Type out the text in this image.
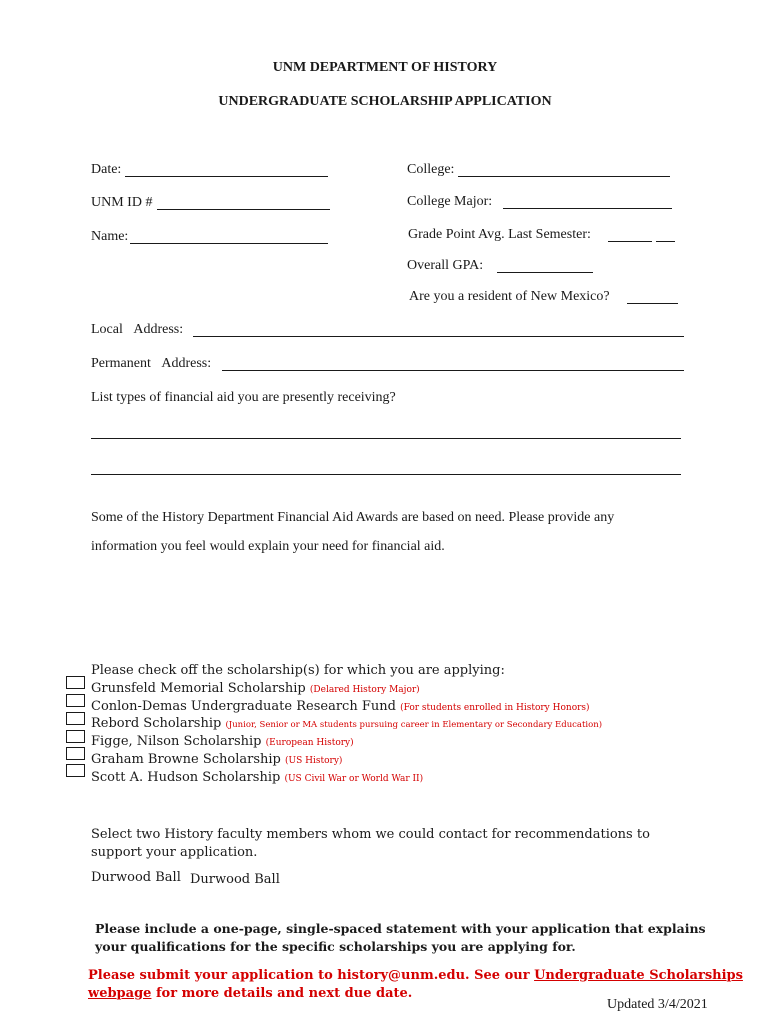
UNM DEPARTMENT OF HISTORY
UNDERGRADUATE SCHOLARSHIP APPLICATION
Date:
UNM ID #
Name:
College:
College Major:
Grade Point Avg. Last Semester:
Overall GPA:
Are you a resident of New Mexico?
Local Address:
Permanent Address:
List types of financial aid you are presently receiving?
Some of the History Department Financial Aid Awards are based on need. Please provide any
information you feel would explain your need for financial aid.
Please check off the scholarship(s) for which you are applying:
Grunsfeld Memorial Scholarship (Delared History Major)
Conlon-Demas Undergraduate Research Fund (For students enrolled in History Honors)
Rebord Scholarship (Junior, Senior or MA students pursuing career in Elementary or Secondary Education)
Figge, Nilson Scholarship (European History)
Graham Browne Scholarship (US History)
Scott A. Hudson Scholarship (US Civil War or World War II)
Select two History faculty members whom we could contact for recommendations to
support your application.
Durwood Ball Durwood Ball
Please include a one-page, single-spaced statement with your application that explains
your qualifications for the specific scholarships you are applying for.
Please submit your application to history@unm.edu. See our Undergraduate Scholarships
webpage for more details and next due date.
Updated 3/4/2021
